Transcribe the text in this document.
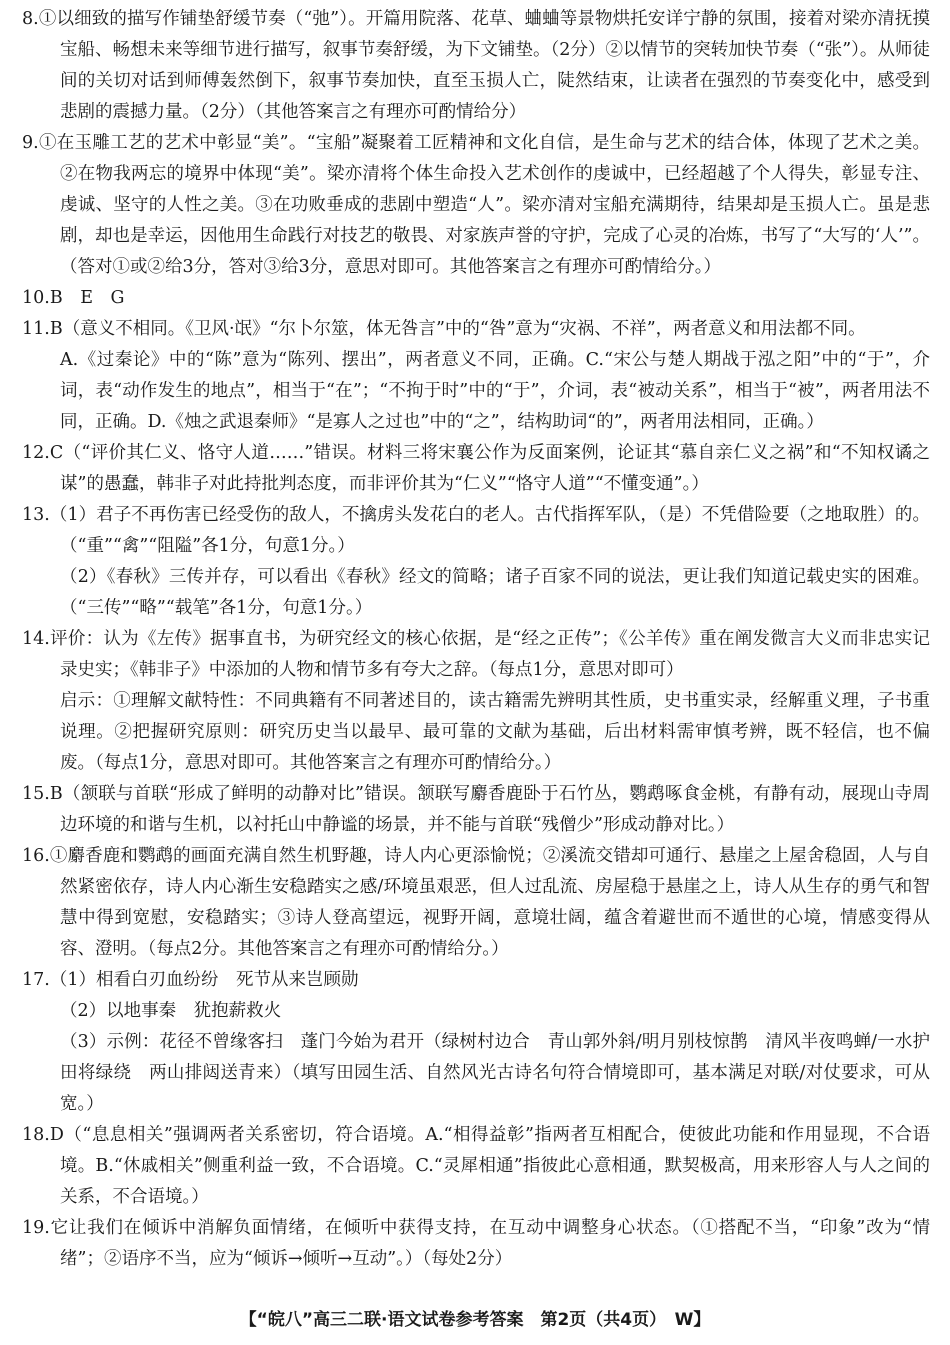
8.①以细致的描写作铺垫舒缓节奏（“弛”）。开篇用院落、花草、蛐蛐等景物烘托安详宁静的氛围，接着对梁亦清抚摸宝船、畅想未来等细节进行描写，叙事节奏舒缓，为下文铺垫。（2分）②以情节的突转加快节奏（“张”）。从师徒间的关切对话到师傅轰然倒下，叙事节奏加快，直至玉损人亡，陡然结束，让读者在强烈的节奏变化中，感受到悲剧的震撼力量。（2分）（其他答案言之有理亦可酌情给分）

9.①在玉雕工艺的艺术中彰显“美”。“宝船”凝聚着工匠精神和文化自信，是生命与艺术的结合体，体现了艺术之美。②在物我两忘的境界中体现“美”。梁亦清将个体生命投入艺术创作的虔诚中，已经超越了个人得失，彰显专注、虔诚、坚守的人性之美。③在功败垂成的悲剧中塑造“人”。梁亦清对宝船充满期待，结果却是玉损人亡。虽是悲剧，却也是幸运，因他用生命践行对技艺的敬畏、对家族声誉的守护，完成了心灵的冶炼，书写了“大写的‘人’”。（答对①或②给3分，答对③给3分，意思对即可。其他答案言之有理亦可酌情给分。）

10.B　E　G

11.B（意义不相同。《卫风·氓》“尔卜尔筮，体无咎言”中的“咎”意为“灾祸、不祥”，两者意义和用法都不同。

A.《过秦论》中的“陈”意为“陈列、摆出”，两者意义不同，正确。C.“宋公与楚人期战于泓之阳”中的“于”，介词，表“动作发生的地点”，相当于“在”；“不拘于时”中的“于”，介词，表“被动关系”，相当于“被”，两者用法不同，正确。D.《烛之武退秦师》“是寡人之过也”中的“之”，结构助词“的”，两者用法相同，正确。）

12.C（“评价其仁义、恪守人道……”错误。材料三将宋襄公作为反面案例，论证其“慕自亲仁义之祸”和“不知权谲之谋”的愚蠢，韩非子对此持批判态度，而非评价其为“仁义”“恪守人道”“不懂变通”。）

13.（1）君子不再伤害已经受伤的敌人，不擒虏头发花白的老人。古代指挥军队，（是）不凭借险要（之地取胜）的。（“重”“禽”“阻隘”各1分，句意1分。）

（2）《春秋》三传并存，可以看出《春秋》经文的简略；诸子百家不同的说法，更让我们知道记载史实的困难。（“三传”“略”“载笔”各1分，句意1分。）

14.评价：认为《左传》据事直书，为研究经文的核心依据，是“经之正传”；《公羊传》重在阐发微言大义而非忠实记录史实；《韩非子》中添加的人物和情节多有夸大之辞。（每点1分，意思对即可）

启示：①理解文献特性：不同典籍有不同著述目的，读古籍需先辨明其性质，史书重实录，经解重义理，子书重说理。②把握研究原则：研究历史当以最早、最可靠的文献为基础，后出材料需审慎考辨，既不轻信，也不偏废。（每点1分，意思对即可。其他答案言之有理亦可酌情给分。）

15.B（颔联与首联“形成了鲜明的动静对比”错误。颔联写麝香鹿卧于石竹丛，鹦鹉啄食金桃，有静有动，展现山寺周边环境的和谐与生机，以衬托山中静谧的场景，并不能与首联“残僧少”形成动静对比。）

16.①麝香鹿和鹦鹉的画面充满自然生机野趣，诗人内心更添愉悦；②溪流交错却可通行、悬崖之上屋舍稳固，人与自然紧密依存，诗人内心渐生安稳踏实之感/环境虽艰恶，但人过乱流、房屋稳于悬崖之上，诗人从生存的勇气和智慧中得到宽慰，安稳踏实；③诗人登高望远，视野开阔，意境壮阔，蕴含着避世而不遁世的心境，情感变得从容、澄明。（每点2分。其他答案言之有理亦可酌情给分。）

17.（1）相看白刃血纷纷　死节从来岂顾勋

（2）以地事秦　犹抱薪救火

（3）示例：花径不曾缘客扫　蓬门今始为君开（绿树村边合　青山郭外斜/明月别枝惊鹊　清风半夜鸣蝉/一水护田将绿绕　两山排闼送青来）（填写田园生活、自然风光古诗名句符合情境即可，基本满足对联/对仗要求，可从宽。）

18.D（“息息相关”强调两者关系密切，符合语境。A.“相得益彰”指两者互相配合，使彼此功能和作用显现，不合语境。B.“休戚相关”侧重利益一致，不合语境。C.“灵犀相通”指彼此心意相通，默契极高，用来形容人与人之间的关系，不合语境。）

19.它让我们在倾诉中消解负面情绪，在倾听中获得支持，在互动中调整身心状态。（①搭配不当，“印象”改为“情绪”；②语序不当，应为“倾诉→倾听→互动”。）（每处2分）

【“皖八”高三二联·语文试卷参考答案　第2页（共4页）　W】
